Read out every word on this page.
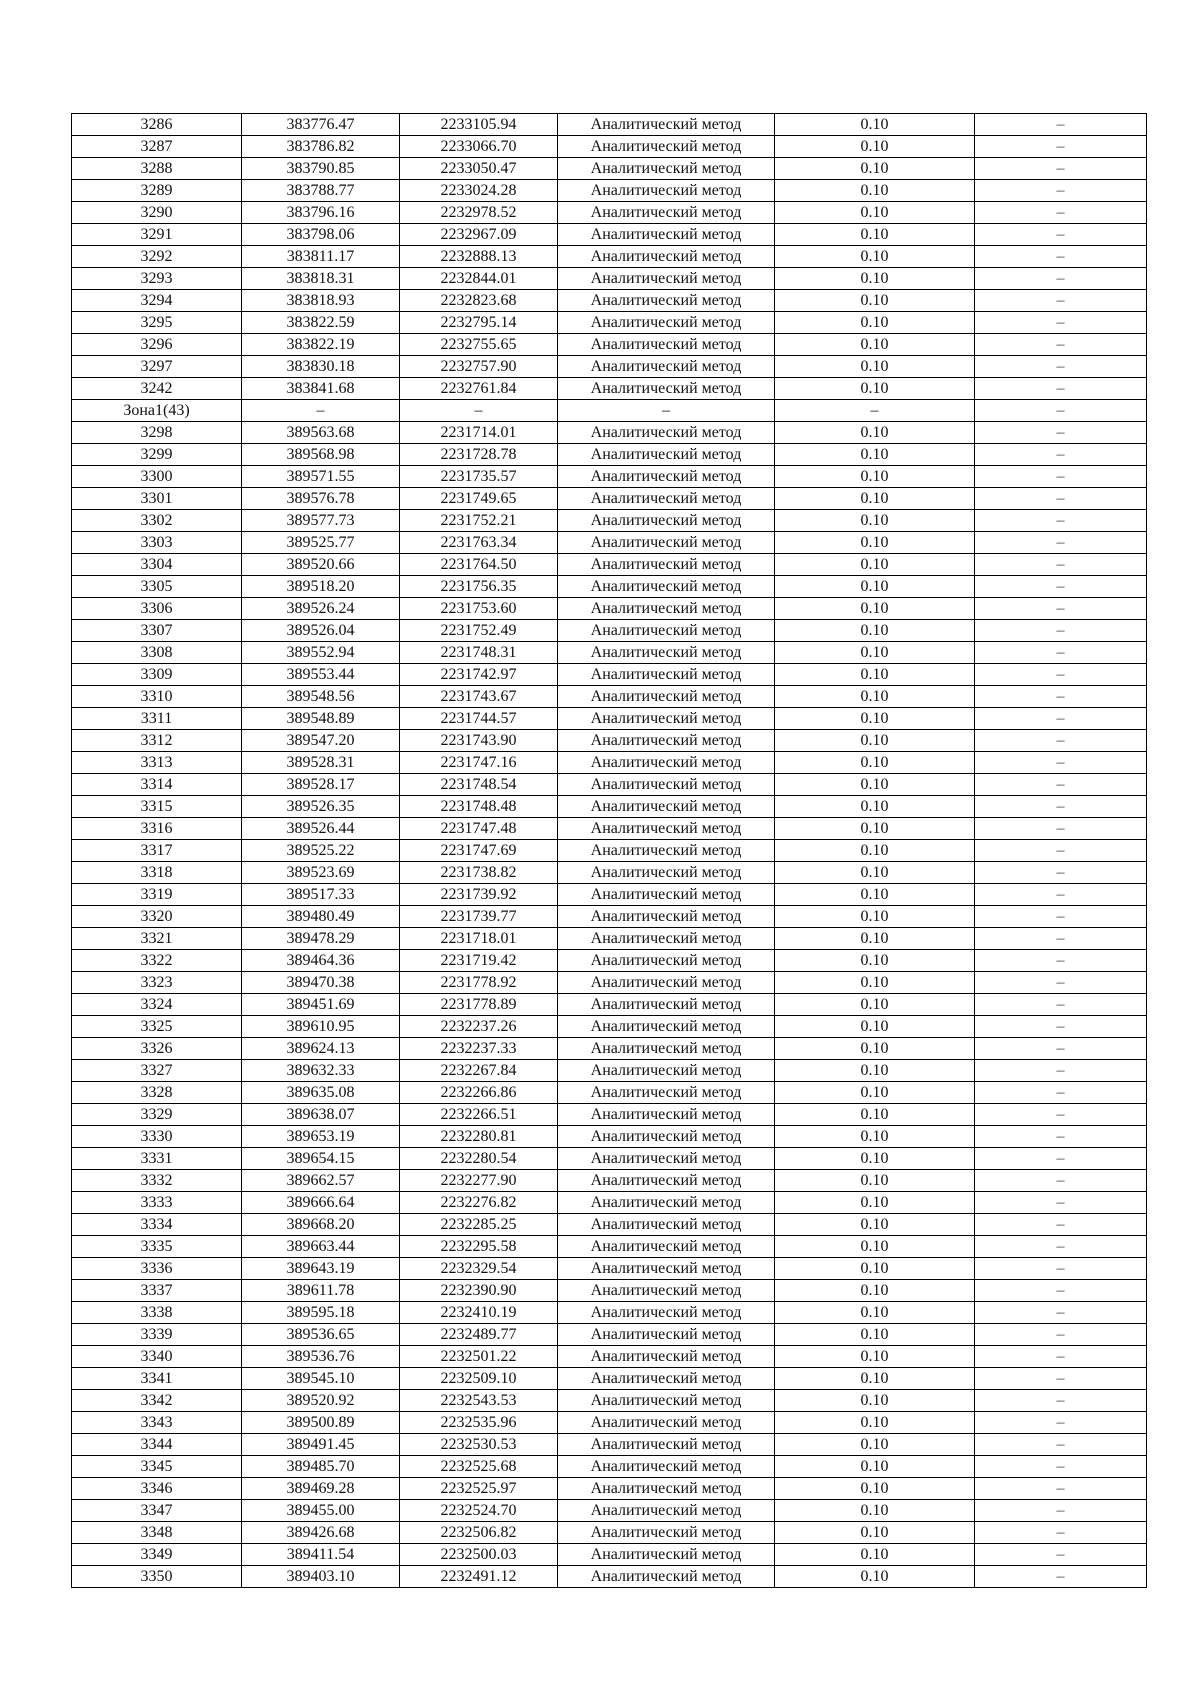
3286	383776.47	2233105.94	Аналитический метод	0.10	–
3287	383786.82	2233066.70	Аналитический метод	0.10	–
3288	383790.85	2233050.47	Аналитический метод	0.10	–
3289	383788.77	2233024.28	Аналитический метод	0.10	–
3290	383796.16	2232978.52	Аналитический метод	0.10	–
3291	383798.06	2232967.09	Аналитический метод	0.10	–
3292	383811.17	2232888.13	Аналитический метод	0.10	–
3293	383818.31	2232844.01	Аналитический метод	0.10	–
3294	383818.93	2232823.68	Аналитический метод	0.10	–
3295	383822.59	2232795.14	Аналитический метод	0.10	–
3296	383822.19	2232755.65	Аналитический метод	0.10	–
3297	383830.18	2232757.90	Аналитический метод	0.10	–
3242	383841.68	2232761.84	Аналитический метод	0.10	–
Зона1(43)	–	–	–	–	–
3298	389563.68	2231714.01	Аналитический метод	0.10	–
3299	389568.98	2231728.78	Аналитический метод	0.10	–
3300	389571.55	2231735.57	Аналитический метод	0.10	–
3301	389576.78	2231749.65	Аналитический метод	0.10	–
3302	389577.73	2231752.21	Аналитический метод	0.10	–
3303	389525.77	2231763.34	Аналитический метод	0.10	–
3304	389520.66	2231764.50	Аналитический метод	0.10	–
3305	389518.20	2231756.35	Аналитический метод	0.10	–
3306	389526.24	2231753.60	Аналитический метод	0.10	–
3307	389526.04	2231752.49	Аналитический метод	0.10	–
3308	389552.94	2231748.31	Аналитический метод	0.10	–
3309	389553.44	2231742.97	Аналитический метод	0.10	–
3310	389548.56	2231743.67	Аналитический метод	0.10	–
3311	389548.89	2231744.57	Аналитический метод	0.10	–
3312	389547.20	2231743.90	Аналитический метод	0.10	–
3313	389528.31	2231747.16	Аналитический метод	0.10	–
3314	389528.17	2231748.54	Аналитический метод	0.10	–
3315	389526.35	2231748.48	Аналитический метод	0.10	–
3316	389526.44	2231747.48	Аналитический метод	0.10	–
3317	389525.22	2231747.69	Аналитический метод	0.10	–
3318	389523.69	2231738.82	Аналитический метод	0.10	–
3319	389517.33	2231739.92	Аналитический метод	0.10	–
3320	389480.49	2231739.77	Аналитический метод	0.10	–
3321	389478.29	2231718.01	Аналитический метод	0.10	–
3322	389464.36	2231719.42	Аналитический метод	0.10	–
3323	389470.38	2231778.92	Аналитический метод	0.10	–
3324	389451.69	2231778.89	Аналитический метод	0.10	–
3325	389610.95	2232237.26	Аналитический метод	0.10	–
3326	389624.13	2232237.33	Аналитический метод	0.10	–
3327	389632.33	2232267.84	Аналитический метод	0.10	–
3328	389635.08	2232266.86	Аналитический метод	0.10	–
3329	389638.07	2232266.51	Аналитический метод	0.10	–
3330	389653.19	2232280.81	Аналитический метод	0.10	–
3331	389654.15	2232280.54	Аналитический метод	0.10	–
3332	389662.57	2232277.90	Аналитический метод	0.10	–
3333	389666.64	2232276.82	Аналитический метод	0.10	–
3334	389668.20	2232285.25	Аналитический метод	0.10	–
3335	389663.44	2232295.58	Аналитический метод	0.10	–
3336	389643.19	2232329.54	Аналитический метод	0.10	–
3337	389611.78	2232390.90	Аналитический метод	0.10	–
3338	389595.18	2232410.19	Аналитический метод	0.10	–
3339	389536.65	2232489.77	Аналитический метод	0.10	–
3340	389536.76	2232501.22	Аналитический метод	0.10	–
3341	389545.10	2232509.10	Аналитический метод	0.10	–
3342	389520.92	2232543.53	Аналитический метод	0.10	–
3343	389500.89	2232535.96	Аналитический метод	0.10	–
3344	389491.45	2232530.53	Аналитический метод	0.10	–
3345	389485.70	2232525.68	Аналитический метод	0.10	–
3346	389469.28	2232525.97	Аналитический метод	0.10	–
3347	389455.00	2232524.70	Аналитический метод	0.10	–
3348	389426.68	2232506.82	Аналитический метод	0.10	–
3349	389411.54	2232500.03	Аналитический метод	0.10	–
3350	389403.10	2232491.12	Аналитический метод	0.10	–
